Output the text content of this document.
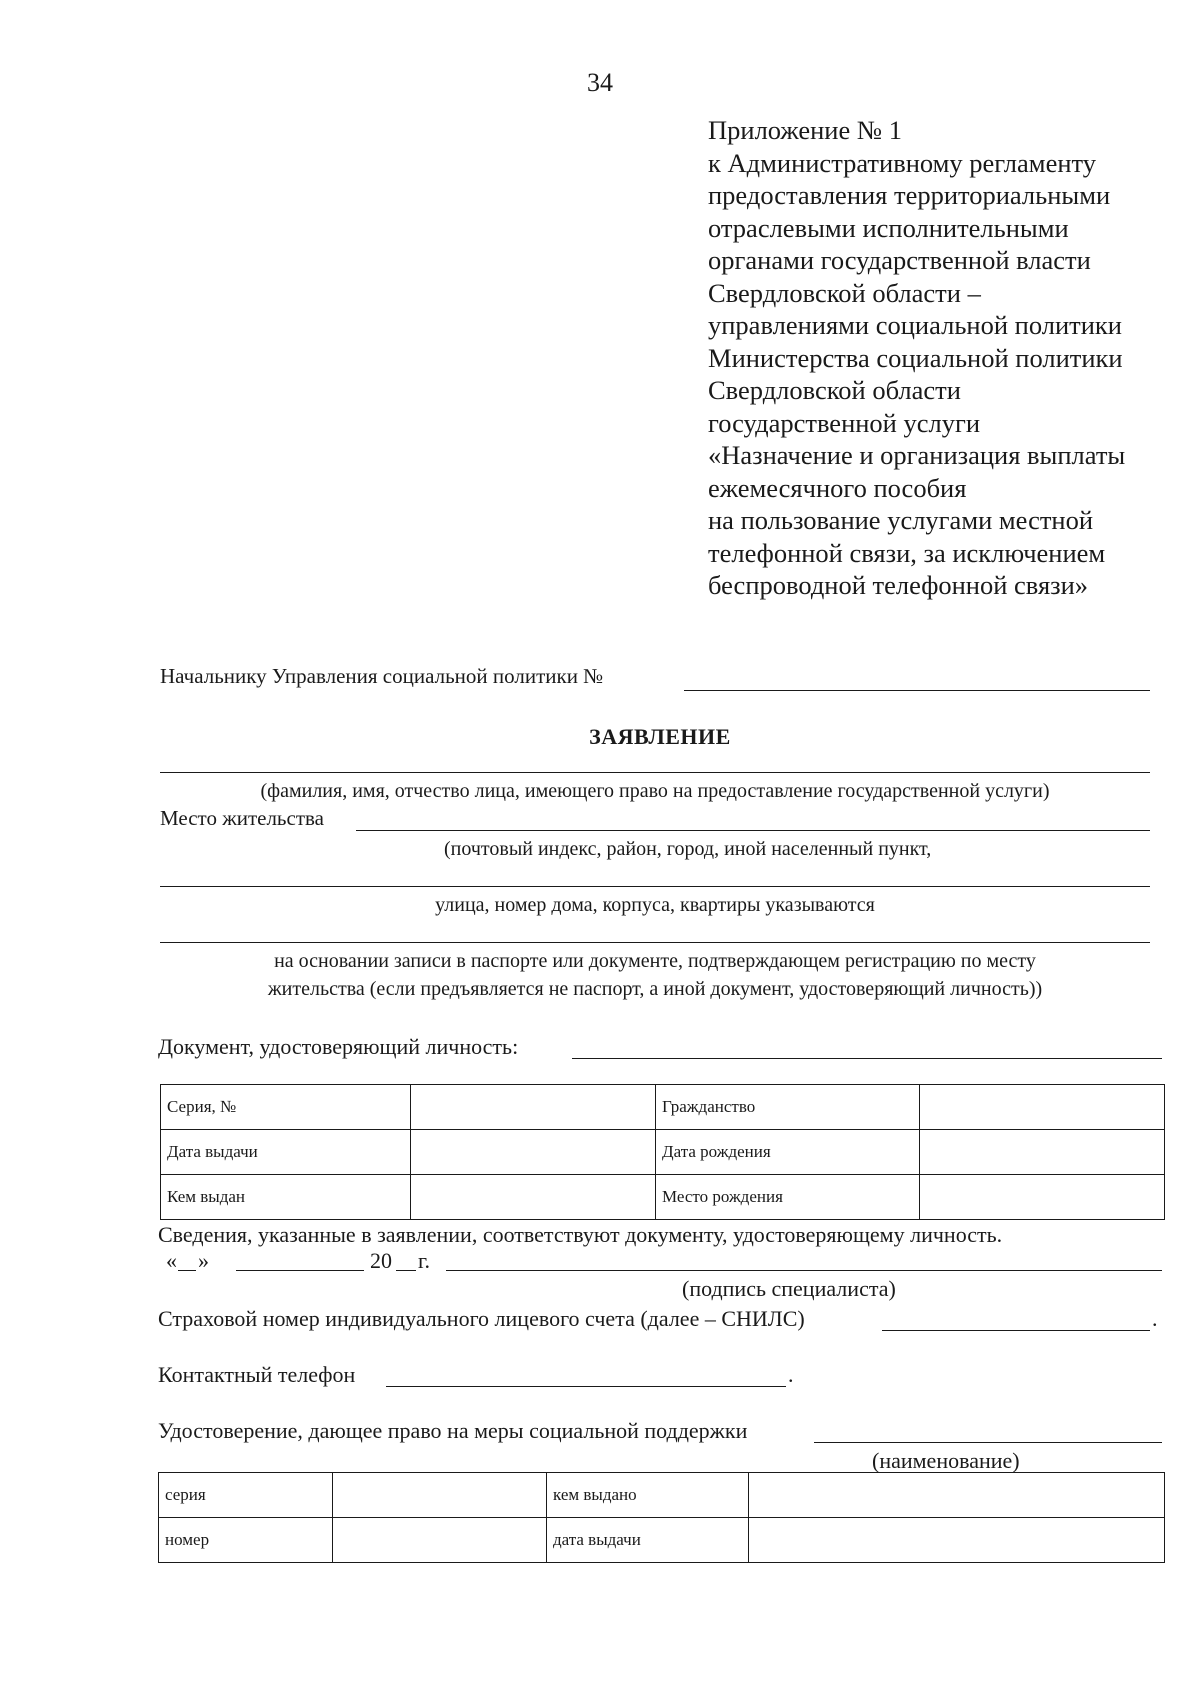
34
Приложение № 1
к Административному регламенту
предоставления территориальными
отраслевыми исполнительными
органами государственной власти
Свердловской области –
управлениями социальной политики
Министерства социальной политики
Свердловской области
государственной услуги
«Назначение и организация выплаты
ежемесячного пособия
на пользование услугами местной
телефонной связи, за исключением
беспроводной телефонной связи»
Начальнику Управления социальной политики №
ЗАЯВЛЕНИЕ
(фамилия, имя, отчество лица, имеющего право на предоставление государственной услуги)
Место жительства
(почтовый индекс, район, город, иной населенный пункт,
улица, номер дома, корпуса, квартиры указываются
на основании записи в паспорте или документе, подтверждающем регистрацию по месту
жительства (если предъявляется не паспорт, а иной документ, удостоверяющий личность))
Документ, удостоверяющий личность:
Серия, №		Гражданство	
Дата выдачи		Дата рождения	
Кем выдан		Место рождения	
Сведения, указанные в заявлении, соответствуют документу, удостоверяющему личность.
« »	20 г.
(подпись специалиста)
Страховой номер индивидуального лицевого счета (далее – СНИЛС)	.
Контактный телефон	.
Удостоверение, дающее право на меры социальной поддержки
(наименование)
серия		кем выдано	
номер		дата выдачи	
